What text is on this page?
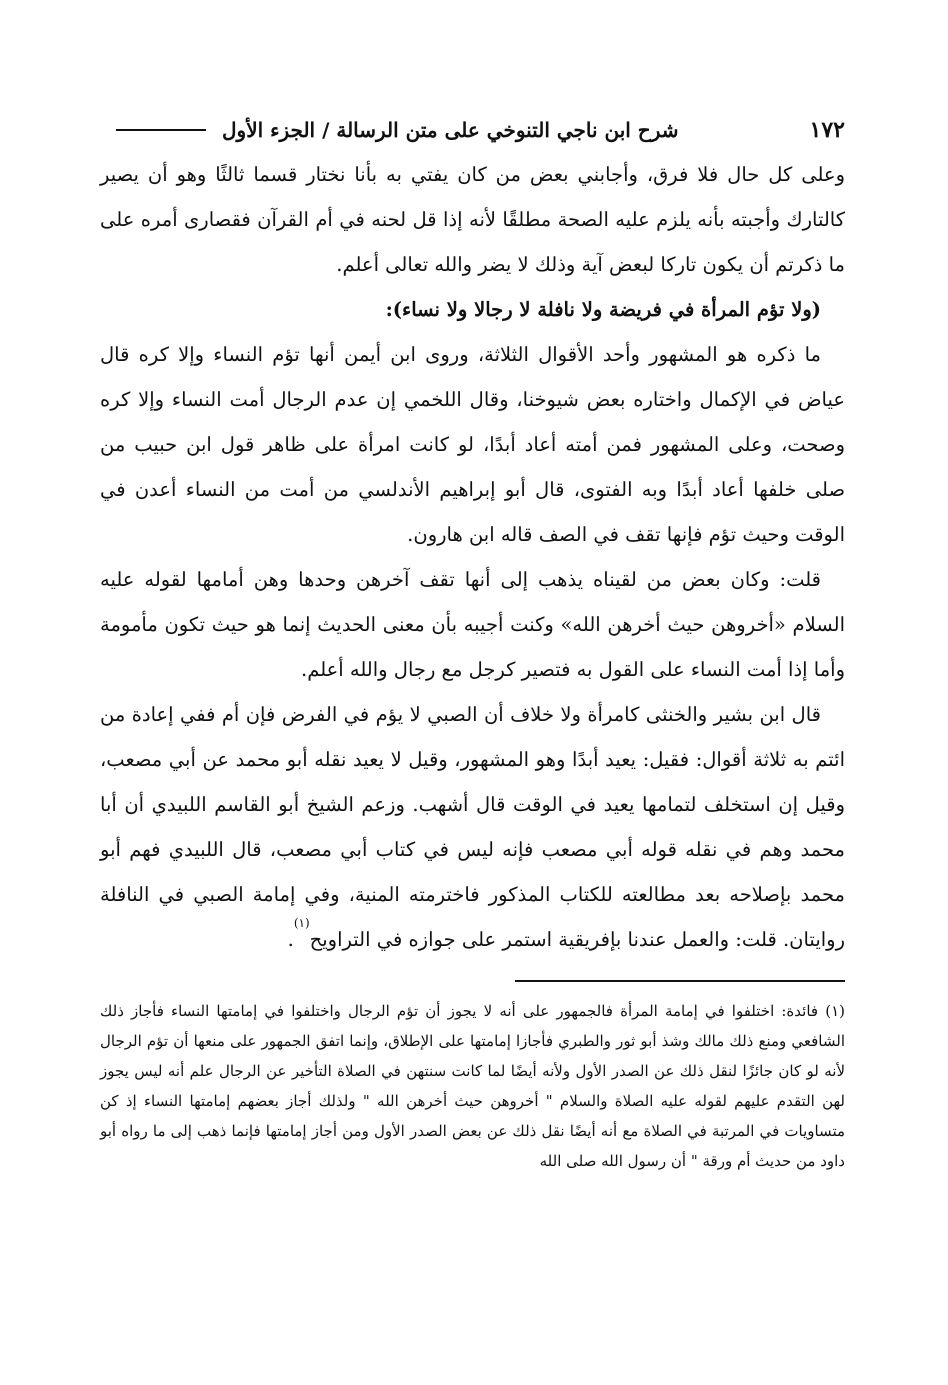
١٧٢
شرح ابن ناجي التنوخي على متن الرسالة / الجزء الأول

وعلى كل حال فلا فرق، وأجابني بعض من كان يفتي به بأنا نختار قسما ثالثًا وهو أن يصير كالتارك وأجبته بأنه يلزم عليه الصحة مطلقًا لأنه إذا قل لحنه في أم القرآن فقصارى أمره على ما ذكرتم أن يكون تاركا لبعض آية وذلك لا يضر والله تعالى أعلم.

(ولا تؤم المرأة في فريضة ولا نافلة لا رجالا ولا نساء):

ما ذكره هو المشهور وأحد الأقوال الثلاثة، وروى ابن أيمن أنها تؤم النساء وإلا كره قال عياض في الإكمال واختاره بعض شيوخنا، وقال اللخمي إن عدم الرجال أمت النساء وإلا كره وصحت، وعلى المشهور فمن أمته أعاد أبدًا، لو كانت امرأة على ظاهر قول ابن حبيب من صلى خلفها أعاد أبدًا وبه الفتوى، قال أبو إبراهيم الأندلسي من أمت من النساء أعدن في الوقت وحيث تؤم فإنها تقف في الصف قاله ابن هارون.

قلت: وكان بعض من لقيناه يذهب إلى أنها تقف آخرهن وحدها وهن أمامها لقوله عليه السلام «أخروهن حيث أخرهن الله» وكنت أجيبه بأن معنى الحديث إنما هو حيث تكون مأمومة وأما إذا أمت النساء على القول به فتصير كرجل مع رجال والله أعلم.

قال ابن بشير والخنثى كامرأة ولا خلاف أن الصبي لا يؤم في الفرض فإن أم ففي إعادة من ائتم به ثلاثة أقوال: فقيل: يعيد أبدًا وهو المشهور، وقيل لا يعيد نقله أبو محمد عن أبي مصعب، وقيل إن استخلف لتمامها يعيد في الوقت قال أشهب. وزعم الشيخ أبو القاسم اللبيدي أن أبا محمد وهم في نقله قوله أبي مصعب فإنه ليس في كتاب أبي مصعب، قال اللبيدي فهم أبو محمد بإصلاحه بعد مطالعته للكتاب المذكور فاخترمته المنية، وفي إمامة الصبي في النافلة روايتان. قلت: والعمل عندنا بإفريقية استمر على جوازه في التراويح$^{(١)}$.

(١) فائدة: اختلفوا في إمامة المرأة فالجمهور على أنه لا يجوز أن تؤم الرجال واختلفوا في إمامتها النساء فأجاز ذلك الشافعي ومنع ذلك مالك وشذ أبو ثور والطبري فأجازا إمامتها على الإطلاق، وإنما اتفق الجمهور على منعها أن تؤم الرجال لأنه لو كان جائزًا لنقل ذلك عن الصدر الأول ولأنه أيضًا لما كانت سنتهن في الصلاة التأخير عن الرجال علم أنه ليس يجوز لهن التقدم عليهم لقوله عليه الصلاة والسلام " أخروهن حيث أخرهن الله " ولذلك أجاز بعضهم إمامتها النساء إذ كن متساويات في المرتبة في الصلاة مع أنه أيضًا نقل ذلك عن بعض الصدر الأول ومن أجاز إمامتها فإنما ذهب إلى ما رواه أبو داود من حديث أم ورقة " أن رسول الله صلى الله
